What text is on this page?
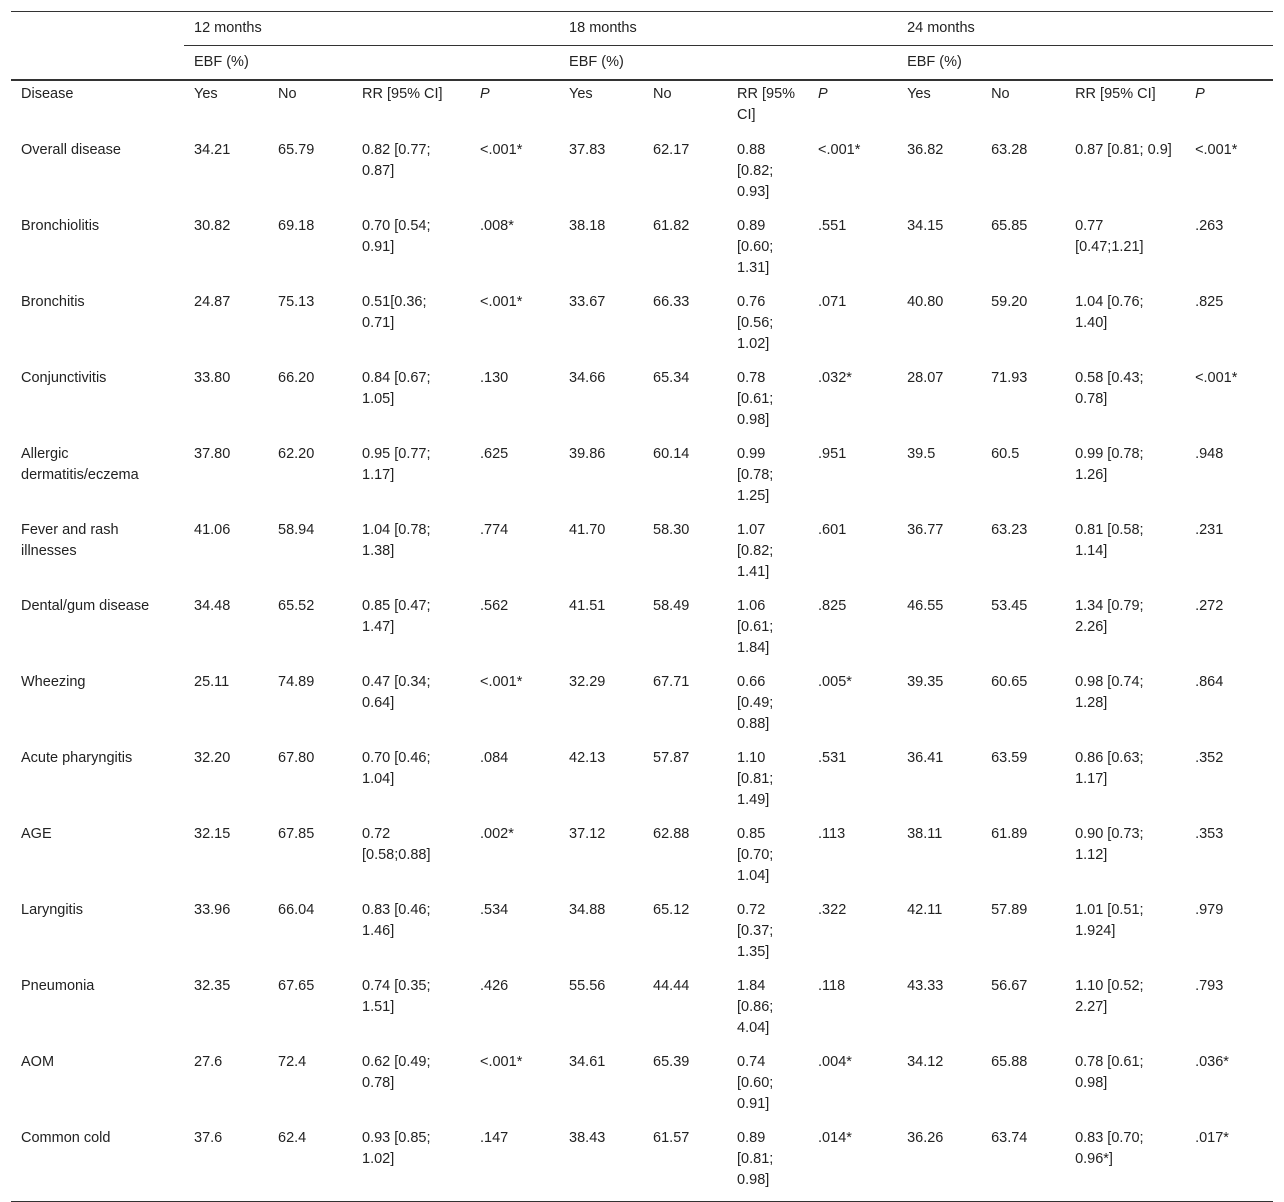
	12 months				18 months				24 months			
	EBF (%)				EBF (%)				EBF (%)			
Disease	Yes	No	RR [95% CI]	P	Yes	No	RR [95% CI]	P	Yes	No	RR [95% CI]	P
Overall disease	34.21	65.79	0.82 [0.77; 0.87]	<.001*	37.83	62.17	0.88 [0.82; 0.93]	<.001*	36.82	63.28	0.87 [0.81; 0.9]	<.001*
Bronchiolitis	30.82	69.18	0.70 [0.54; 0.91]	.008*	38.18	61.82	0.89 [0.60; 1.31]	.551	34.15	65.85	0.77 [0.47;1.21]	.263
Bronchitis	24.87	75.13	0.51[0.36; 0.71]	<.001*	33.67	66.33	0.76 [0.56; 1.02]	.071	40.80	59.20	1.04 [0.76; 1.40]	.825
Conjunctivitis	33.80	66.20	0.84 [0.67; 1.05]	.130	34.66	65.34	0.78 [0.61; 0.98]	.032*	28.07	71.93	0.58 [0.43; 0.78]	<.001*
Allergic dermatitis/eczema	37.80	62.20	0.95 [0.77; 1.17]	.625	39.86	60.14	0.99 [0.78; 1.25]	.951	39.5	60.5	0.99 [0.78; 1.26]	.948
Fever and rash illnesses	41.06	58.94	1.04 [0.78; 1.38]	.774	41.70	58.30	1.07 [0.82; 1.41]	.601	36.77	63.23	0.81 [0.58; 1.14]	.231
Dental/gum disease	34.48	65.52	0.85 [0.47; 1.47]	.562	41.51	58.49	1.06 [0.61; 1.84]	.825	46.55	53.45	1.34 [0.79; 2.26]	.272
Wheezing	25.11	74.89	0.47 [0.34; 0.64]	<.001*	32.29	67.71	0.66 [0.49; 0.88]	.005*	39.35	60.65	0.98 [0.74; 1.28]	.864
Acute pharyngitis	32.20	67.80	0.70 [0.46; 1.04]	.084	42.13	57.87	1.10 [0.81; 1.49]	.531	36.41	63.59	0.86 [0.63; 1.17]	.352
AGE	32.15	67.85	0.72 [0.58;0.88]	.002*	37.12	62.88	0.85 [0.70; 1.04]	.113	38.11	61.89	0.90 [0.73; 1.12]	.353
Laryngitis	33.96	66.04	0.83 [0.46; 1.46]	.534	34.88	65.12	0.72 [0.37; 1.35]	.322	42.11	57.89	1.01 [0.51; 1.924]	.979
Pneumonia	32.35	67.65	0.74 [0.35; 1.51]	.426	55.56	44.44	1.84 [0.86; 4.04]	.118	43.33	56.67	1.10 [0.52; 2.27]	.793
AOM	27.6	72.4	0.62 [0.49; 0.78]	<.001*	34.61	65.39	0.74 [0.60; 0.91]	.004*	34.12	65.88	0.78 [0.61; 0.98]	.036*
Common cold	37.6	62.4	0.93 [0.85; 1.02]	.147	38.43	61.57	0.89 [0.81; 0.98]	.014*	36.26	63.74	0.83 [0.70; 0.96*]	.017*
